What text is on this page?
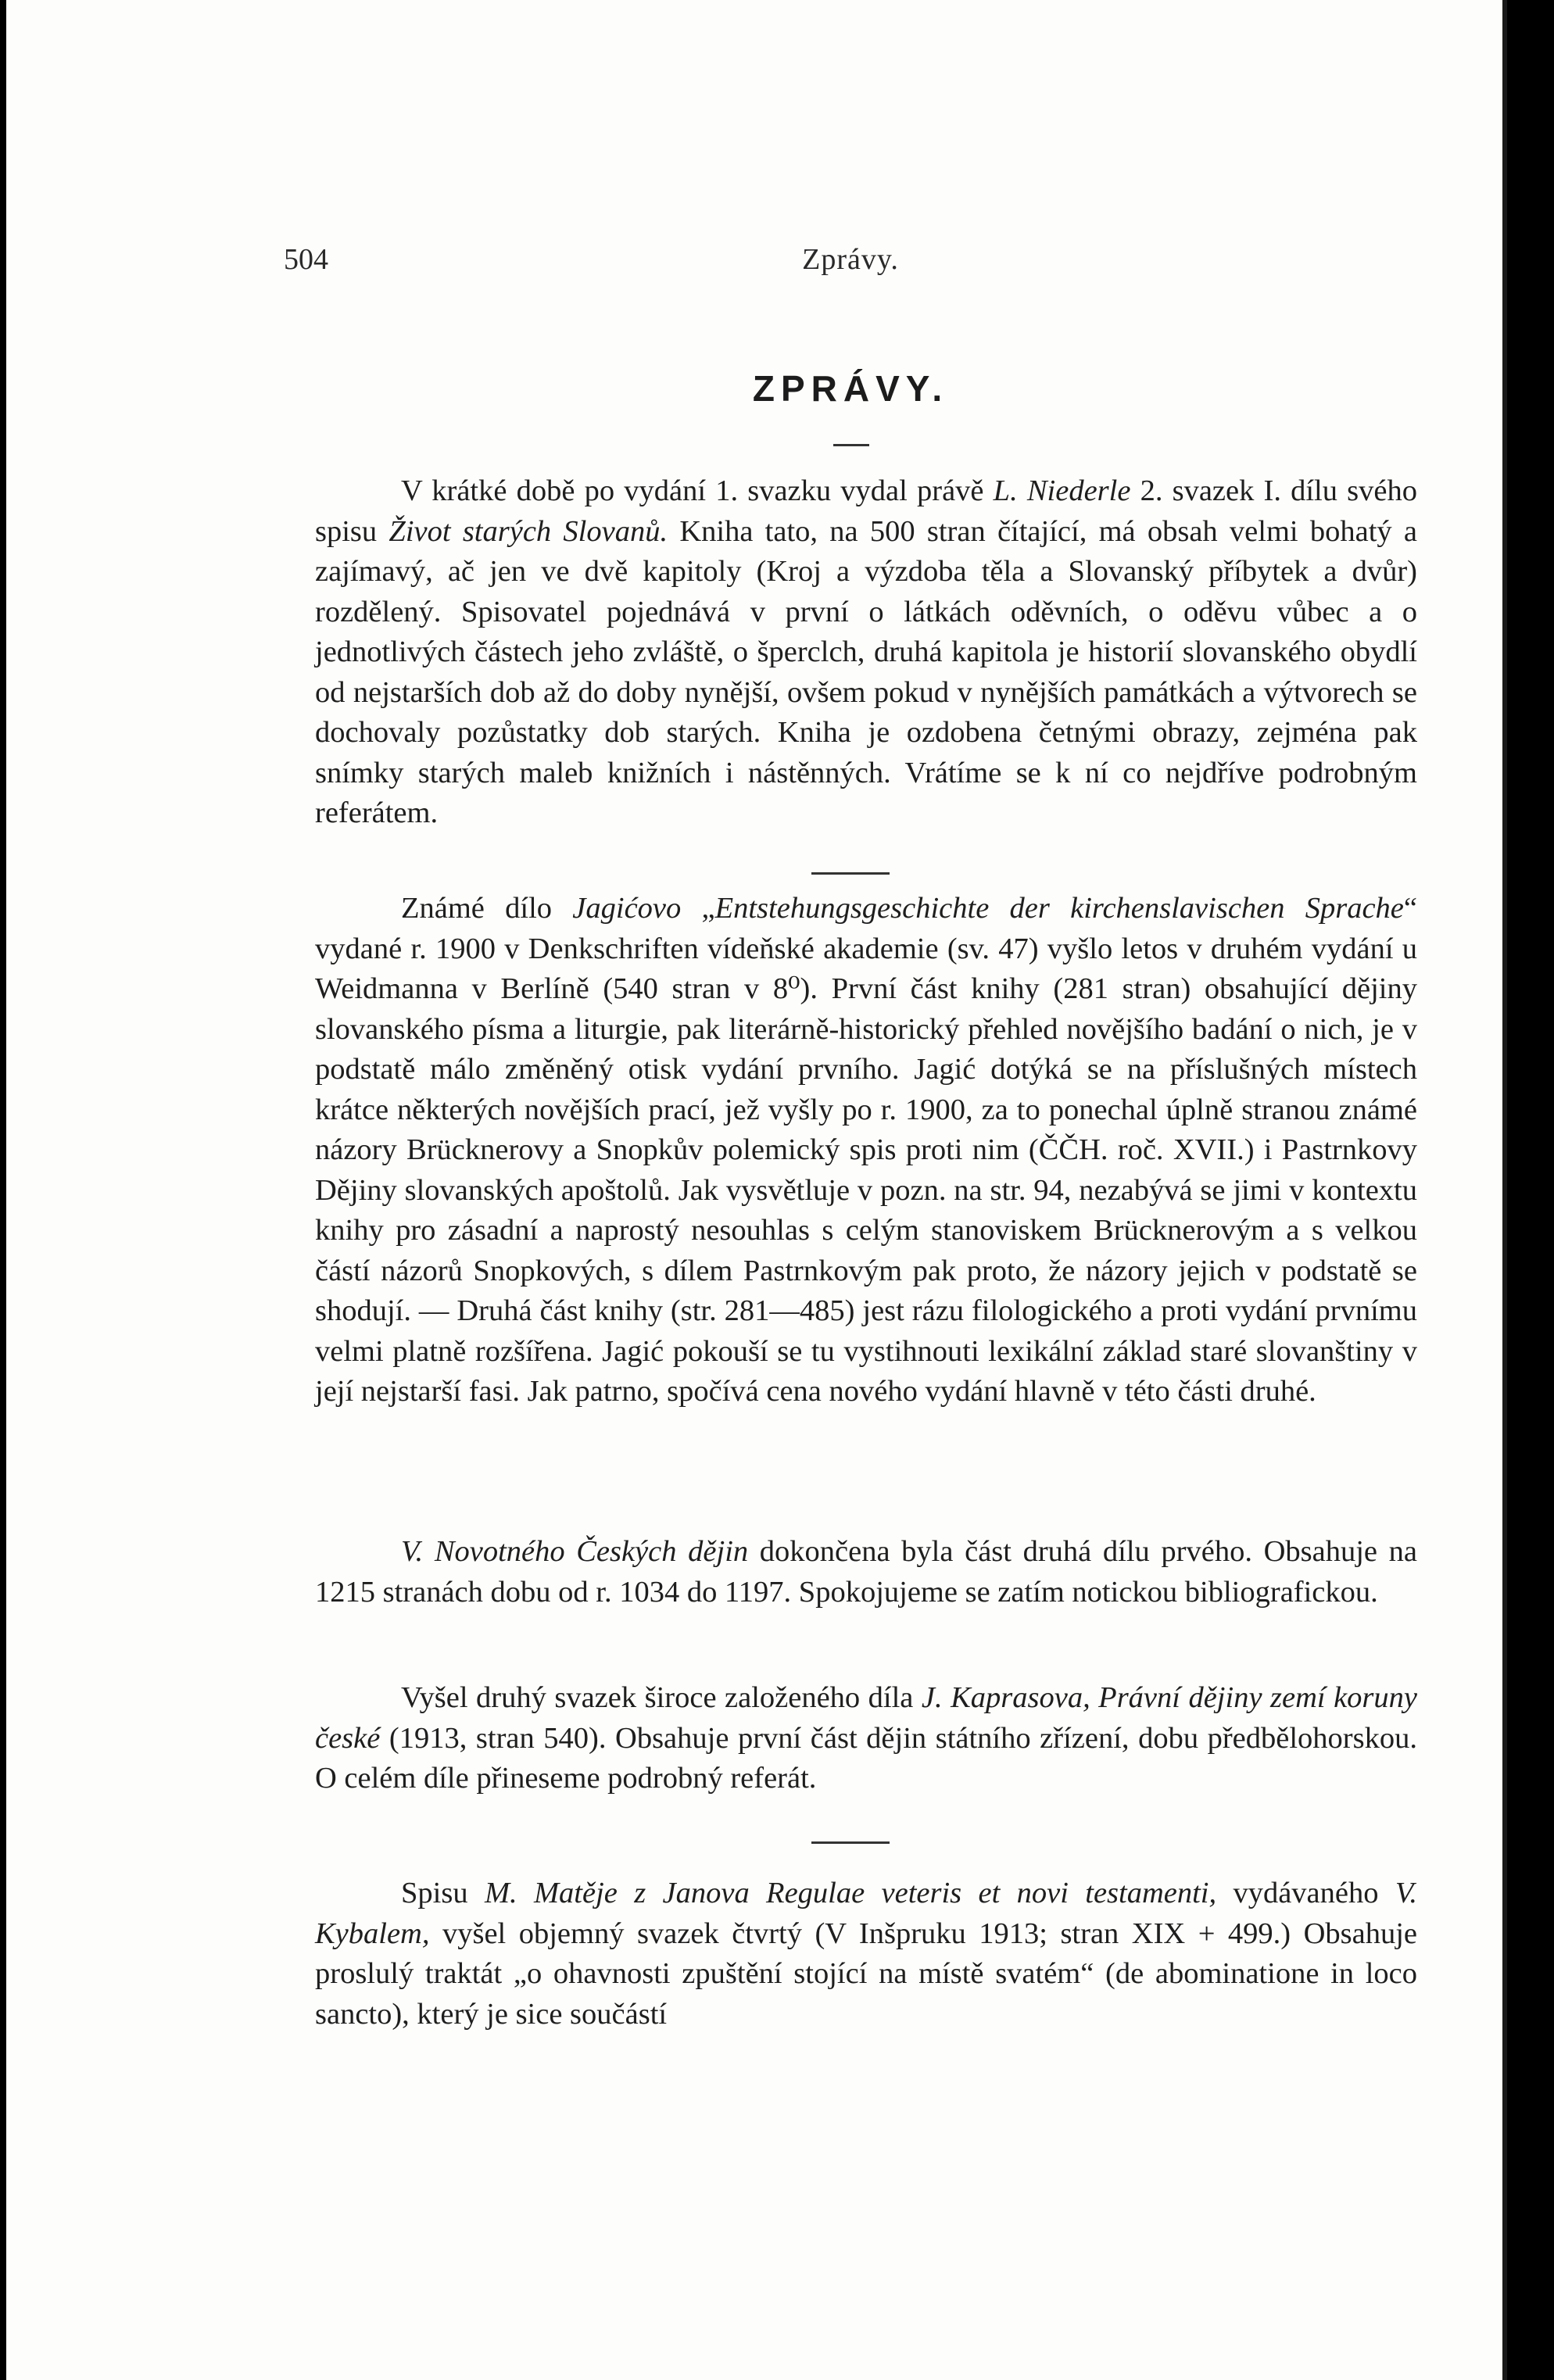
504	Zprávy.
ZPRÁVY.

V krátké době po vydání 1. svazku vydal právě L. Niederle 2. svazek I. dílu svého spisu Život starých Slovanů. Kniha tato, na 500 stran čítající, má obsah velmi bohatý a zajímavý, ač jen ve dvě kapitoly (Kroj a výzdoba těla a Slovanský příbytek a dvůr) rozdělený. Spisovatel pojednává v první o látkách oděvních, o oděvu vůbec a o jednotlivých částech jeho zvláště, o šperclch, druhá kapitola je historií slovanského obydlí od nejstarších dob až do doby nynější, ovšem pokud v nynějších památkách a výtvorech se dochovaly pozůstatky dob starých. Kniha je ozdobena četnými obrazy, zejména pak snímky starých maleb knižních i nástěnných. Vrátíme se k ní co nejdříve podrobným referátem.

Známé dílo Jagićovo „Entstehungsgeschichte der kirchenslavischen Sprache“ vydané r. 1900 v Denkschriften vídeňské akademie (sv. 47) vyšlo letos v druhém vydání u Weidmanna v Berlíně (540 stran v 8⁰). První část knihy (281 stran) obsahující dějiny slovanského písma a liturgie, pak literárně-historický přehled novějšího badání o nich, je v podstatě málo změněný otisk vydání prvního. Jagić dotýká se na příslušných místech krátce některých novějších prací, jež vyšly po r. 1900, za to ponechal úplně stranou známé názory Brücknerovy a Snopkův polemický spis proti nim (ČČH. roč. XVII.) i Pastrnkovy Dějiny slovanských apoštolů. Jak vysvětluje v pozn. na str. 94, nezabývá se jimi v kontextu knihy pro zásadní a naprostý nesouhlas s celým stanoviskem Brücknerovým a s velkou částí názorů Snopkových, s dílem Pastrnkovým pak proto, že názory jejich v podstatě se shodují. — Druhá část knihy (str. 281—485) jest rázu filologického a proti vydání prvnímu velmi platně rozšířena. Jagić pokouší se tu vystihnouti lexikální základ staré slovanštiny v její nejstarší fasi. Jak patrno, spočívá cena nového vydání hlavně v této části druhé.

V. Novotného Českých dějin dokončena byla část druhá dílu prvého. Obsahuje na 1215 stranách dobu od r. 1034 do 1197. Spokojujeme se zatím notickou bibliografickou.

Vyšel druhý svazek široce založeného díla J. Kaprasova, Právní dějiny zemí koruny české (1913, stran 540). Obsahuje první část dějin státního zřízení, dobu předbělohorskou. O celém díle přineseme podrobný referát.

Spisu M. Matěje z Janova Regulae veteris et novi testamenti, vydávaného V. Kybalem, vyšel objemný svazek čtvrtý (V Inšpruku 1913; stran XIX + 499.) Obsahuje proslulý traktát „o ohavnosti zpuštění stojící na místě svatém“ (de abominatione in loco sancto), který je sice součástí
